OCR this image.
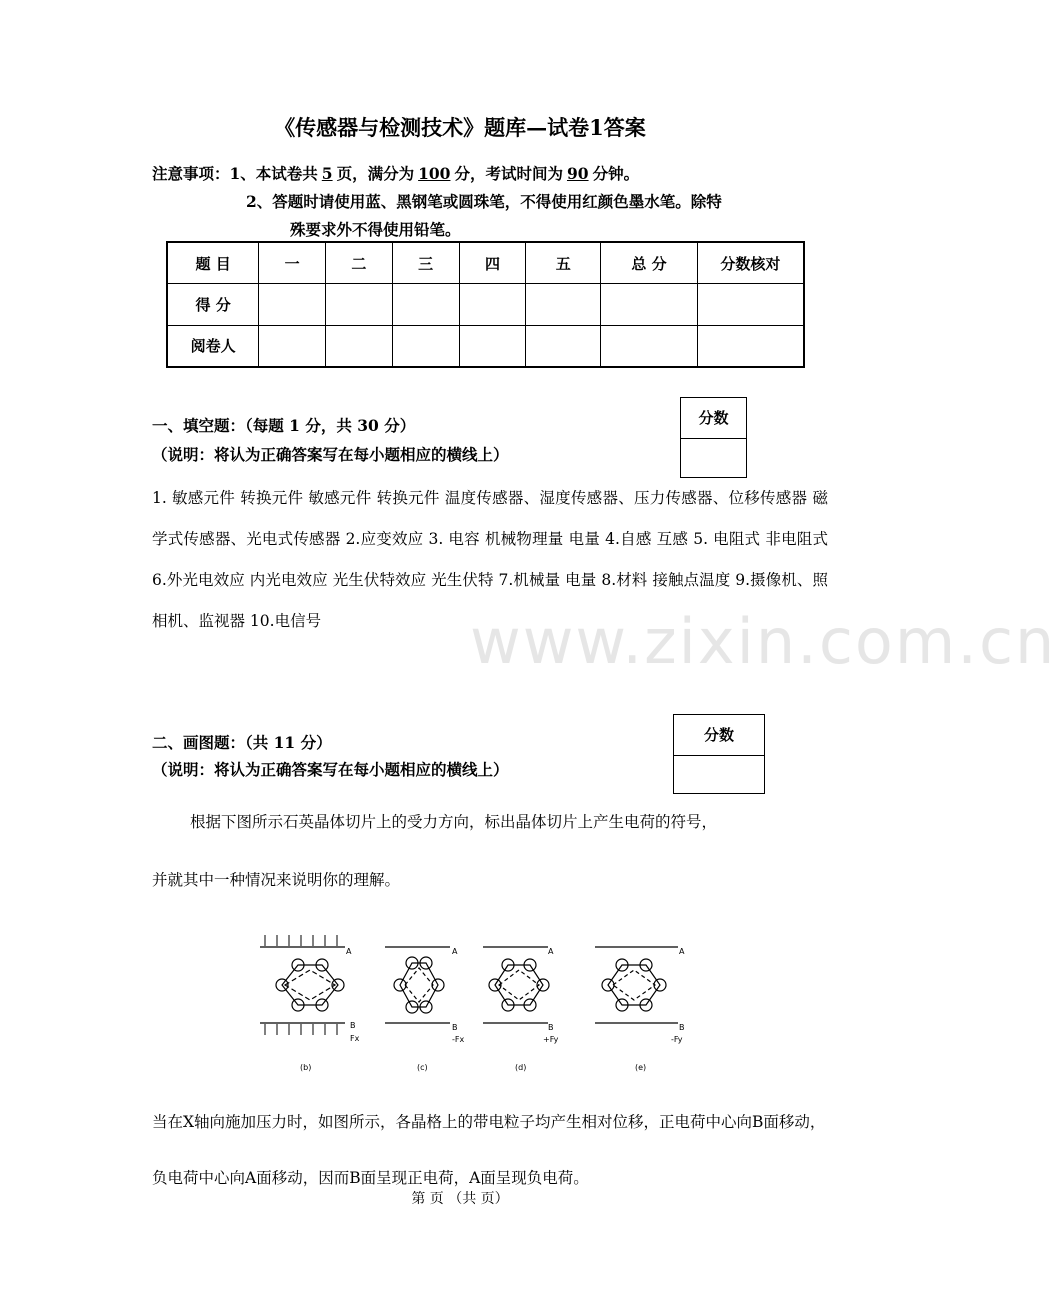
《传感器与检测技术》题库—试卷1答案
注意事项：1、本试卷共 5 页，满分为 100 分，考试时间为 90 分钟。
2、答题时请使用蓝、黑钢笔或圆珠笔，不得使用红颜色墨水笔。除特
殊要求外不得使用铅笔。
题 目	一	二	三	四	五	总 分	分数核对
得 分							
阅卷人							
一、填空题：（每题 1 分，共 30 分）
（说明：将认为正确答案写在每小题相应的横线上）
分数
1. 敏感元件 转换元件 敏感元件 转换元件 温度传感器、湿度传感器、压力传感器、位移传感器 磁学式传感器、光电式传感器 2.应变效应 3. 电容 机械物理量 电量 4.自感 互感 5. 电阻式 非电阻式 6.外光电效应 内光电效应 光生伏特效应 光生伏特 7.机械量 电量 8.材料 接触点温度 9.摄像机、照相机、监视器 10.电信号
二、画图题：（共 11 分）
（说明：将认为正确答案写在每小题相应的横线上）
分数
根据下图所示石英晶体切片上的受力方向，标出晶体切片上产生电荷的符号，
并就其中一种情况来说明你的理解。
A
B
Fx
(b)
A
B
-Fx
(c)
A
B
+Fy
(d)
A
B
-Fy
(e)
当在X轴向施加压力时，如图所示，各晶格上的带电粒子均产生相对位移，正电荷中心向B面移动，负电荷中心向A面移动，因而B面呈现正电荷，A面呈现负电荷。
第 页 （共 页）
www.zixin.com.cn
